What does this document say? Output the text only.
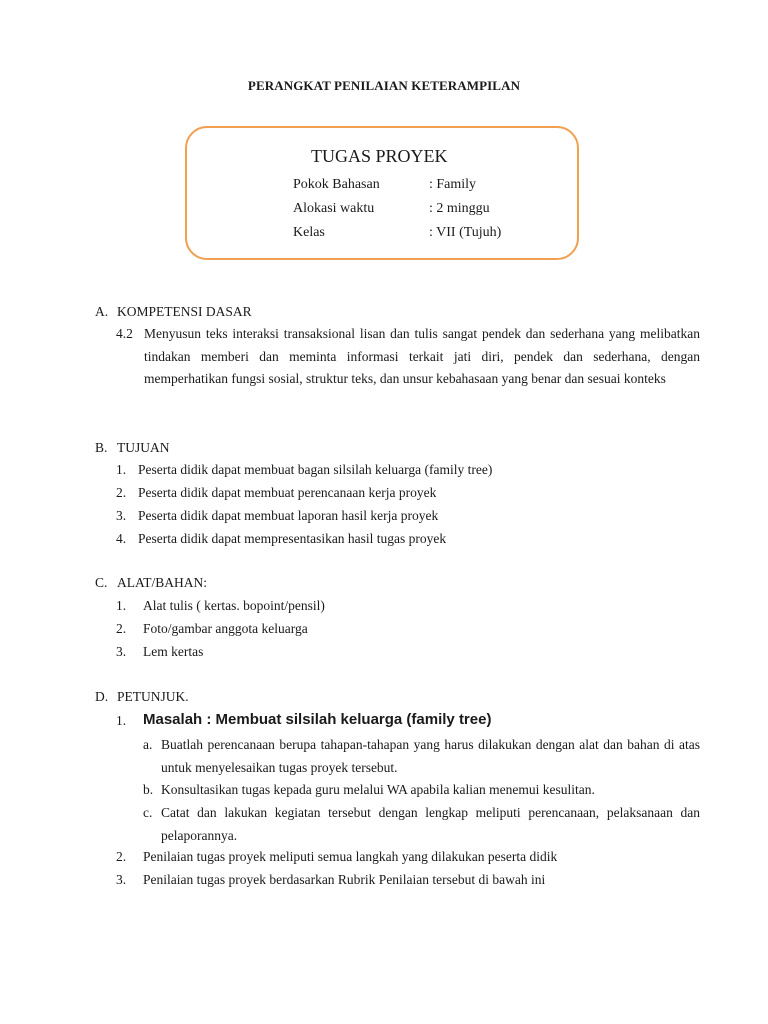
PERANGKAT PENILAIAN KETERAMPILAN
TUGAS PROYEK
Pokok Bahasan	: Family
Alokasi waktu	: 2 minggu
Kelas	: VII (Tujuh)
A. KOMPETENSI DASAR
4.2 Menyusun teks interaksi transaksional lisan dan tulis sangat pendek dan sederhana yang melibatkan tindakan memberi dan meminta informasi terkait jati diri, pendek dan sederhana, dengan memperhatikan fungsi sosial, struktur teks, dan unsur kebahasaan yang benar dan sesuai konteks
B. TUJUAN
1. Peserta didik dapat membuat bagan silsilah keluarga (family tree)
2. Peserta didik dapat membuat perencanaan kerja proyek
3. Peserta didik dapat membuat laporan hasil kerja proyek
4. Peserta didik dapat mempresentasikan hasil tugas proyek
C. ALAT/BAHAN:
1. Alat tulis ( kertas. bopoint/pensil)
2. Foto/gambar anggota keluarga
3. Lem kertas
D. PETUNJUK.
1. Masalah : Membuat silsilah keluarga (family tree)
a. Buatlah perencanaan berupa tahapan-tahapan yang harus dilakukan dengan alat dan bahan di atas untuk menyelesaikan tugas proyek tersebut.
b. Konsultasikan tugas kepada guru melalui WA apabila kalian menemui kesulitan.
c. Catat dan lakukan kegiatan tersebut dengan lengkap meliputi perencanaan, pelaksanaan dan pelaporannya.
2. Penilaian tugas proyek meliputi semua langkah yang dilakukan peserta didik
3. Penilaian tugas proyek berdasarkan Rubrik Penilaian tersebut di bawah ini
